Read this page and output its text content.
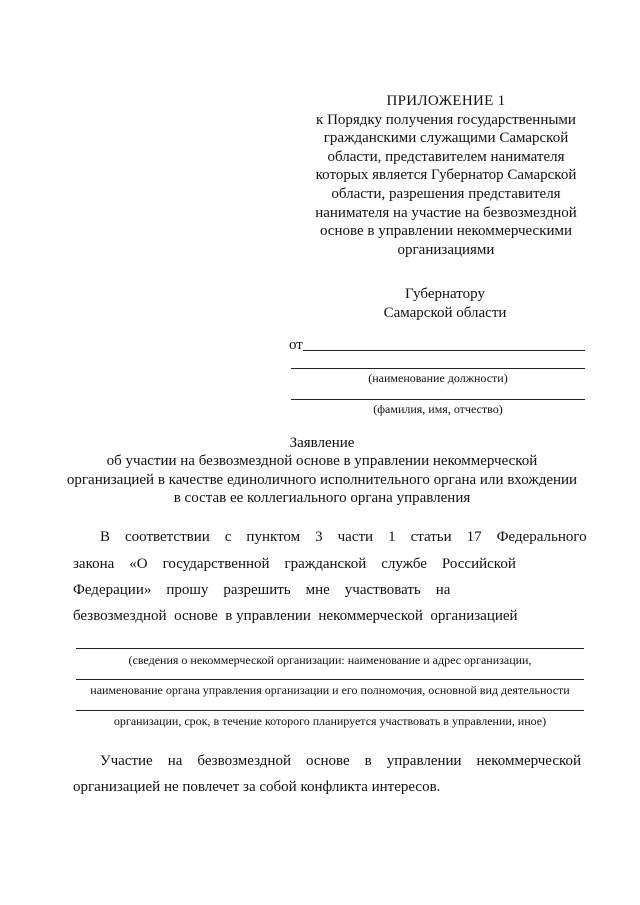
ПРИЛОЖЕНИЕ 1
к Порядку получения государственными
гражданскими служащими Самарской
области, представителем нанимателя
которых является Губернатор Самарской
области, разрешения представителя
нанимателя на участие на безвозмездной
основе в управлении некоммерческими
организациями
Губернатору
Самарской области
от
(наименование должности)
(фамилия, имя, отчество)
Заявление
об участии на безвозмездной основе в управлении некоммерческой
организацией в качестве единоличного исполнительного органа или вхождении
в состав ее коллегиального органа управления
В    соответствии    с    пунктом    3    части    1    статьи    17    Федерального
закона    «О    государственной    гражданской    службе    Российской
Федерации»    прошу    разрешить    мне    участвовать    на
безвозмездной  основе  в управлении  некоммерческой  организацией
(сведения о некоммерческой организации: наименование и адрес организации,
наименование органа управления организации и его полномочия, основной вид деятельности
организации, срок, в течение которого планируется участвовать в управлении, иное)
Участие    на    безвозмездной    основе    в    управлении    некоммерческой
организацией не повлечет за собой конфликта интересов.
